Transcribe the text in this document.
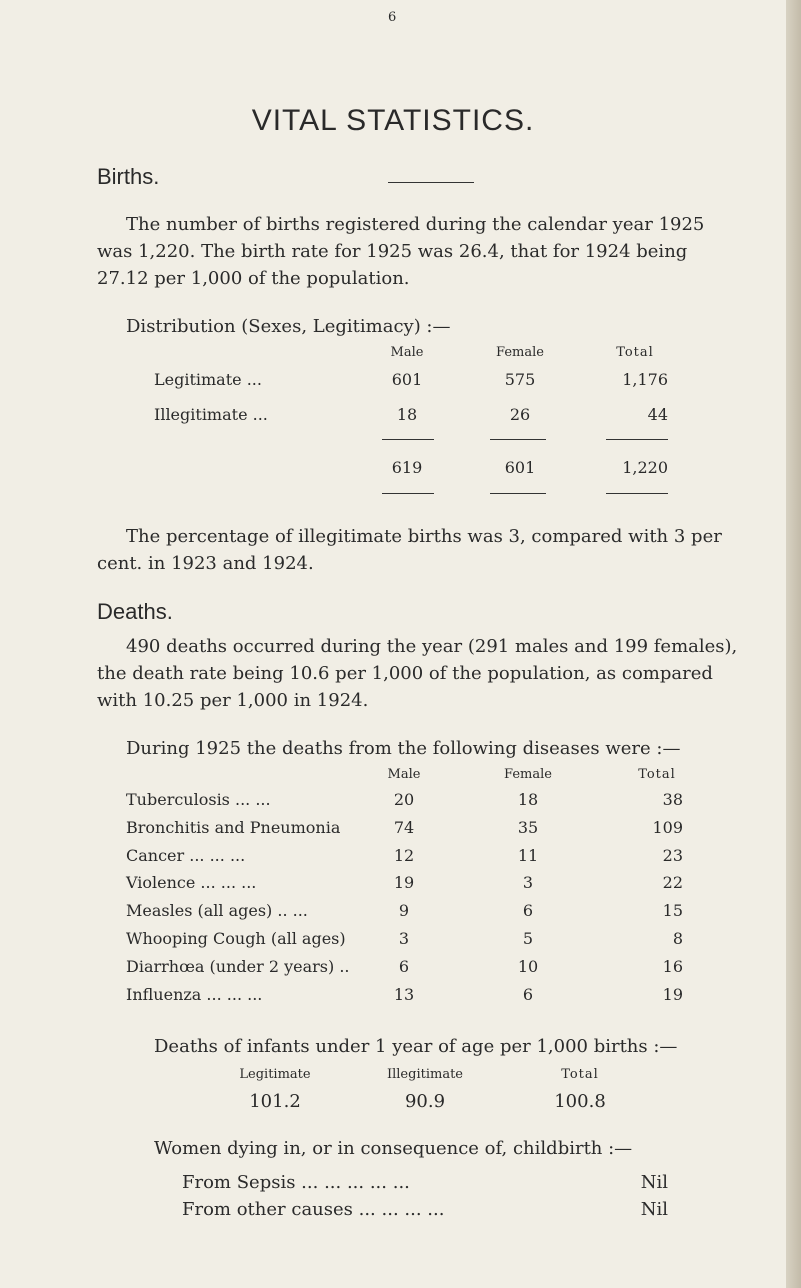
6
VITAL STATISTICS.
Births.
The number of births registered during the calendar year 1925
was 1,220. The birth rate for 1925 was 26.4, that for 1924 being
27.12 per 1,000 of the population.
Distribution (Sexes, Legitimacy) :—
Male	Female	Total
Legitimate ...	601	575	1,176
Illegitimate ...	18	26	44
619	601	1,220
The percentage of illegitimate births was 3, compared with 3 per
cent. in 1923 and 1924.
Deaths.
490 deaths occurred during the year (291 males and 199 females),
the death rate being 10.6 per 1,000 of the population, as compared
with 10.25 per 1,000 in 1924.
During 1925 the deaths from the following diseases were :—
Male	Female	Total
Tuberculosis ... ...	20	18	38
Bronchitis and Pneumonia	74	35	109
Cancer ... ... ...	12	11	23
Violence ... ... ...	19	3	22
Measles (all ages) .. ...	9	6	15
Whooping Cough (all ages)	3	5	8
Diarrhœa (under 2 years) ..	6	10	16
Influenza ... ... ...	13	6	19
Deaths of infants under 1 year of age per 1,000 births :—
Legitimate	Illegitimate	Total
101.2	90.9	100.8
Women dying in, or in consequence of, childbirth :—
From Sepsis ... ... ... ... ...	Nil
From other causes ... ... ... ...	Nil
